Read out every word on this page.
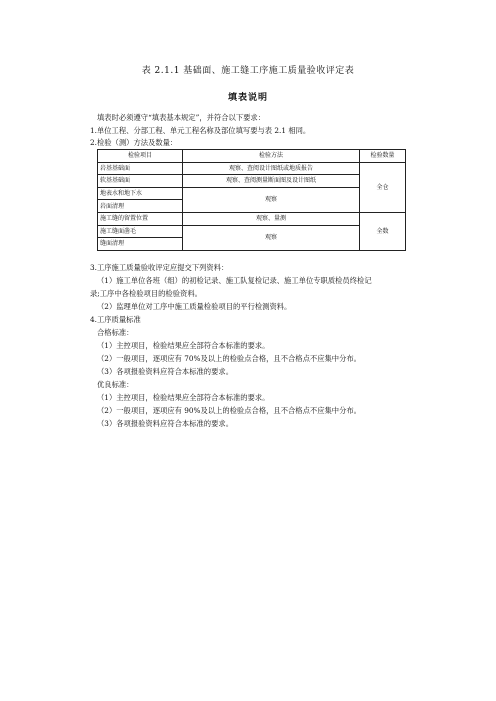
表 2.1.1 基础面、施工缝工序施工质量验收评定表
填表说明
填表时必须遵守“填表基本规定”，并符合以下要求：
1.单位工程、分部工程、单元工程名称及部位填写要与表 2.1 相同。
2.检验（测）方法及数量：
检验项目	检验方法	检验数量
岩基基础面	观察、查阅设计图纸或地质报告	全仓
软基基础面	观察、查阅测量断面图及设计图纸	
地表水和地下水	观察	
岩面清理		
施工缝的留置位置	观察、量测	全数
施工缝面凿毛	观察	
缝面清理		
3.工序施工质量验收评定应提交下列资料：
（1）施工单位各班（组）的初检记录、施工队复检记录、施工单位专职质检员终检记
录;工序中各检验项目的检验资料。
（2）监理单位对工序中施工质量检验项目的平行检测资料。
4.工序质量标准
合格标准：
（1）主控项目，检验结果应全部符合本标准的要求。
（2）一般项目，逐项应有 70%及以上的检验点合格，且不合格点不应集中分布。
（3）各项报验资料应符合本标准的要求。
优良标准：
（1）主控项目，检验结果应全部符合本标准的要求。
（2）一般项目，逐项应有 90%及以上的检验点合格，且不合格点不应集中分布。
（3）各项报验资料应符合本标准的要求。
